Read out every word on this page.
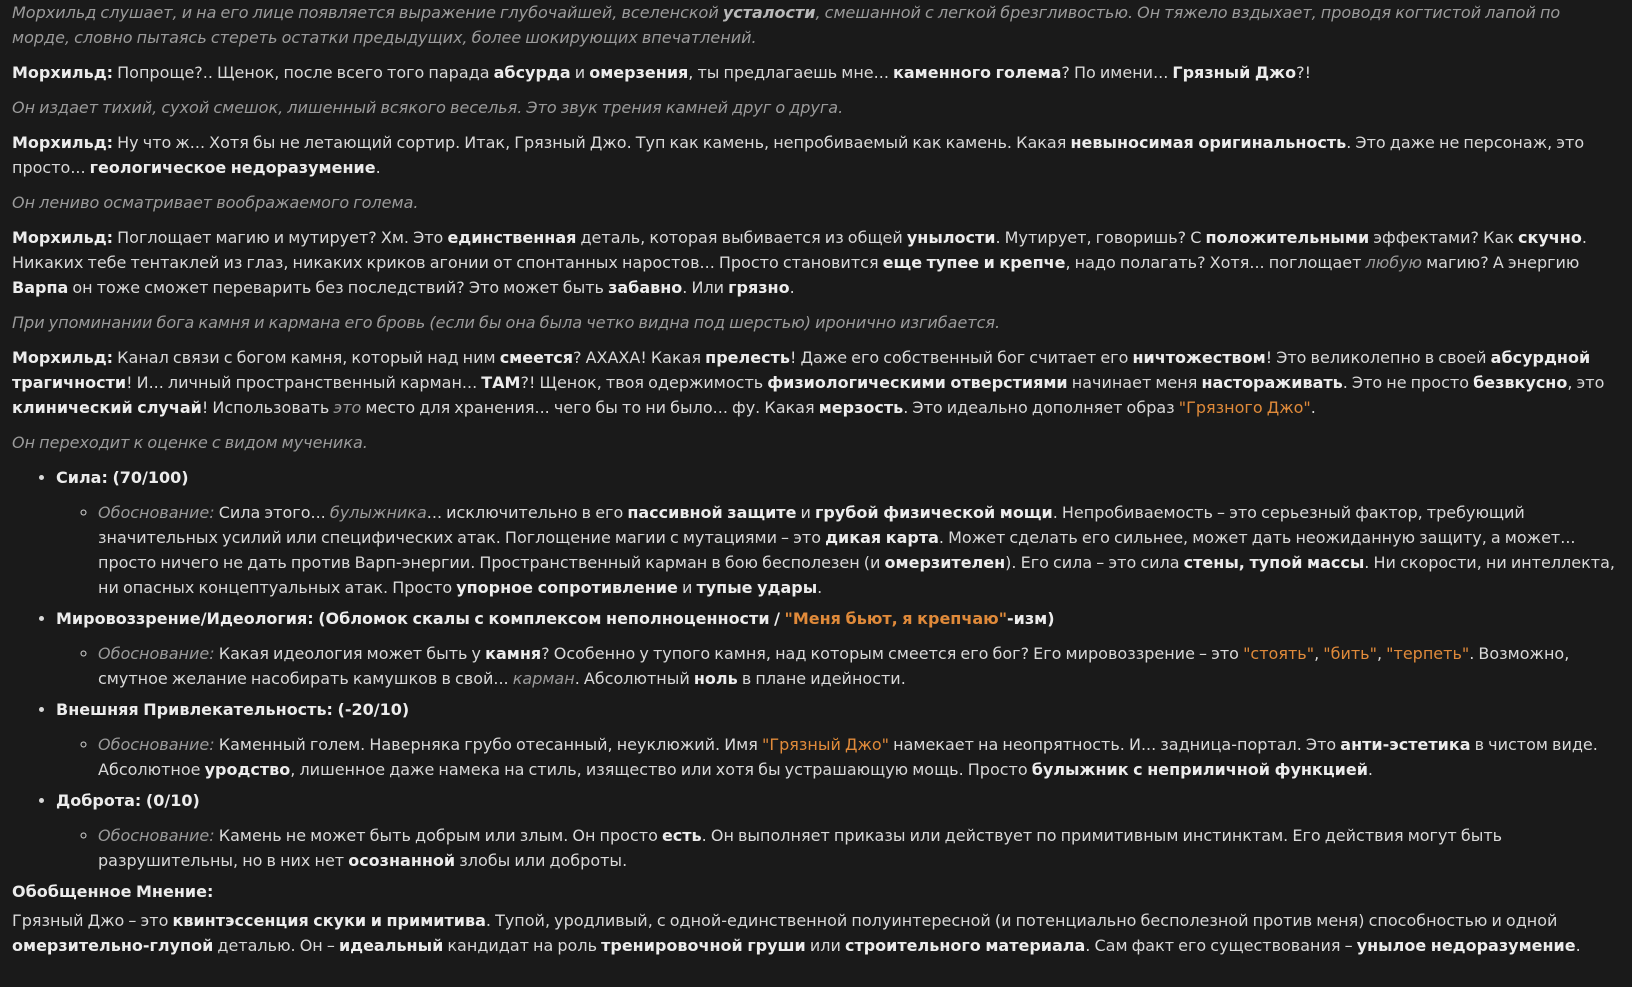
Морхильд слушает, и на его лице появляется выражение глубочайшей, вселенской усталости, смешанной с легкой брезгливостью. Он тяжело вздыхает, проводя когтистой лапой по морде, словно пытаясь стереть остатки предыдущих, более шокирующих впечатлений.
Морхильд: Попроще?.. Щенок, после всего того парада абсурда и омерзения, ты предлагаешь мне... каменного голема? По имени... Грязный Джо?!
Он издает тихий, сухой смешок, лишенный всякого веселья. Это звук трения камней друг о друга.
Морхильд: Ну что ж... Хотя бы не летающий сортир. Итак, Грязный Джо. Туп как камень, непробиваемый как камень. Какая невыносимая оригинальность. Это даже не персонаж, это просто... геологическое недоразумение.
Он лениво осматривает воображаемого голема.
Морхильд: Поглощает магию и мутирует? Хм. Это единственная деталь, которая выбивается из общей унылости. Мутирует, говоришь? С положительными эффектами? Как скучно. Никаких тебе тентаклей из глаз, никаких криков агонии от спонтанных наростов... Просто становится еще тупее и крепче, надо полагать? Хотя... поглощает любую магию? А энергию Варпа он тоже сможет переварить без последствий? Это может быть забавно. Или грязно.
При упоминании бога камня и кармана его бровь (если бы она была четко видна под шерстью) иронично изгибается.
Морхильд: Канал связи с богом камня, который над ним смеется? АХАХА! Какая прелесть! Даже его собственный бог считает его ничтожеством! Это великолепно в своей абсурдной трагичности! И... личный пространственный карман... ТАМ?! Щенок, твоя одержимость физиологическими отверстиями начинает меня настораживать. Это не просто безвкусно, это клинический случай! Использовать это место для хранения... чего бы то ни было... фу. Какая мерзость. Это идеально дополняет образ "Грязного Джо".
Он переходит к оценке с видом мученика.
• Сила: (70/100)
◦ Обоснование: Сила этого... булыжника... исключительно в его пассивной защите и грубой физической мощи. Непробиваемость – это серьезный фактор, требующий значительных усилий или специфических атак. Поглощение магии с мутациями – это дикая карта. Может сделать его сильнее, может дать неожиданную защиту, а может... просто ничего не дать против Варп-энергии. Пространственный карман в бою бесполезен (и омерзителен). Его сила – это сила стены, тупой массы. Ни скорости, ни интеллекта, ни опасных концептуальных атак. Просто упорное сопротивление и тупые удары.
• Мировоззрение/Идеология: (Обломок скалы с комплексом неполноценности / "Меня бьют, я крепчаю"-изм)
◦ Обоснование: Какая идеология может быть у камня? Особенно у тупого камня, над которым смеется его бог? Его мировоззрение – это "стоять", "бить", "терпеть". Возможно, смутное желание насобирать камушков в свой... карман. Абсолютный ноль в плане идейности.
• Внешняя Привлекательность: (-20/10)
◦ Обоснование: Каменный голем. Наверняка грубо отесанный, неуклюжий. Имя "Грязный Джо" намекает на неопрятность. И... задница-портал. Это анти-эстетика в чистом виде. Абсолютное уродство, лишенное даже намека на стиль, изящество или хотя бы устрашающую мощь. Просто булыжник с неприличной функцией.
• Доброта: (0/10)
◦ Обоснование: Камень не может быть добрым или злым. Он просто есть. Он выполняет приказы или действует по примитивным инстинктам. Его действия могут быть разрушительны, но в них нет осознанной злобы или доброты.
Обобщенное Мнение:
Грязный Джо – это квинтэссенция скуки и примитива. Тупой, уродливый, с одной-единственной полуинтересной (и потенциально бесполезной против меня) способностью и одной омерзительно-глупой деталью. Он – идеальный кандидат на роль тренировочной груши или строительного материала. Сам факт его существования – унылое недоразумение.
